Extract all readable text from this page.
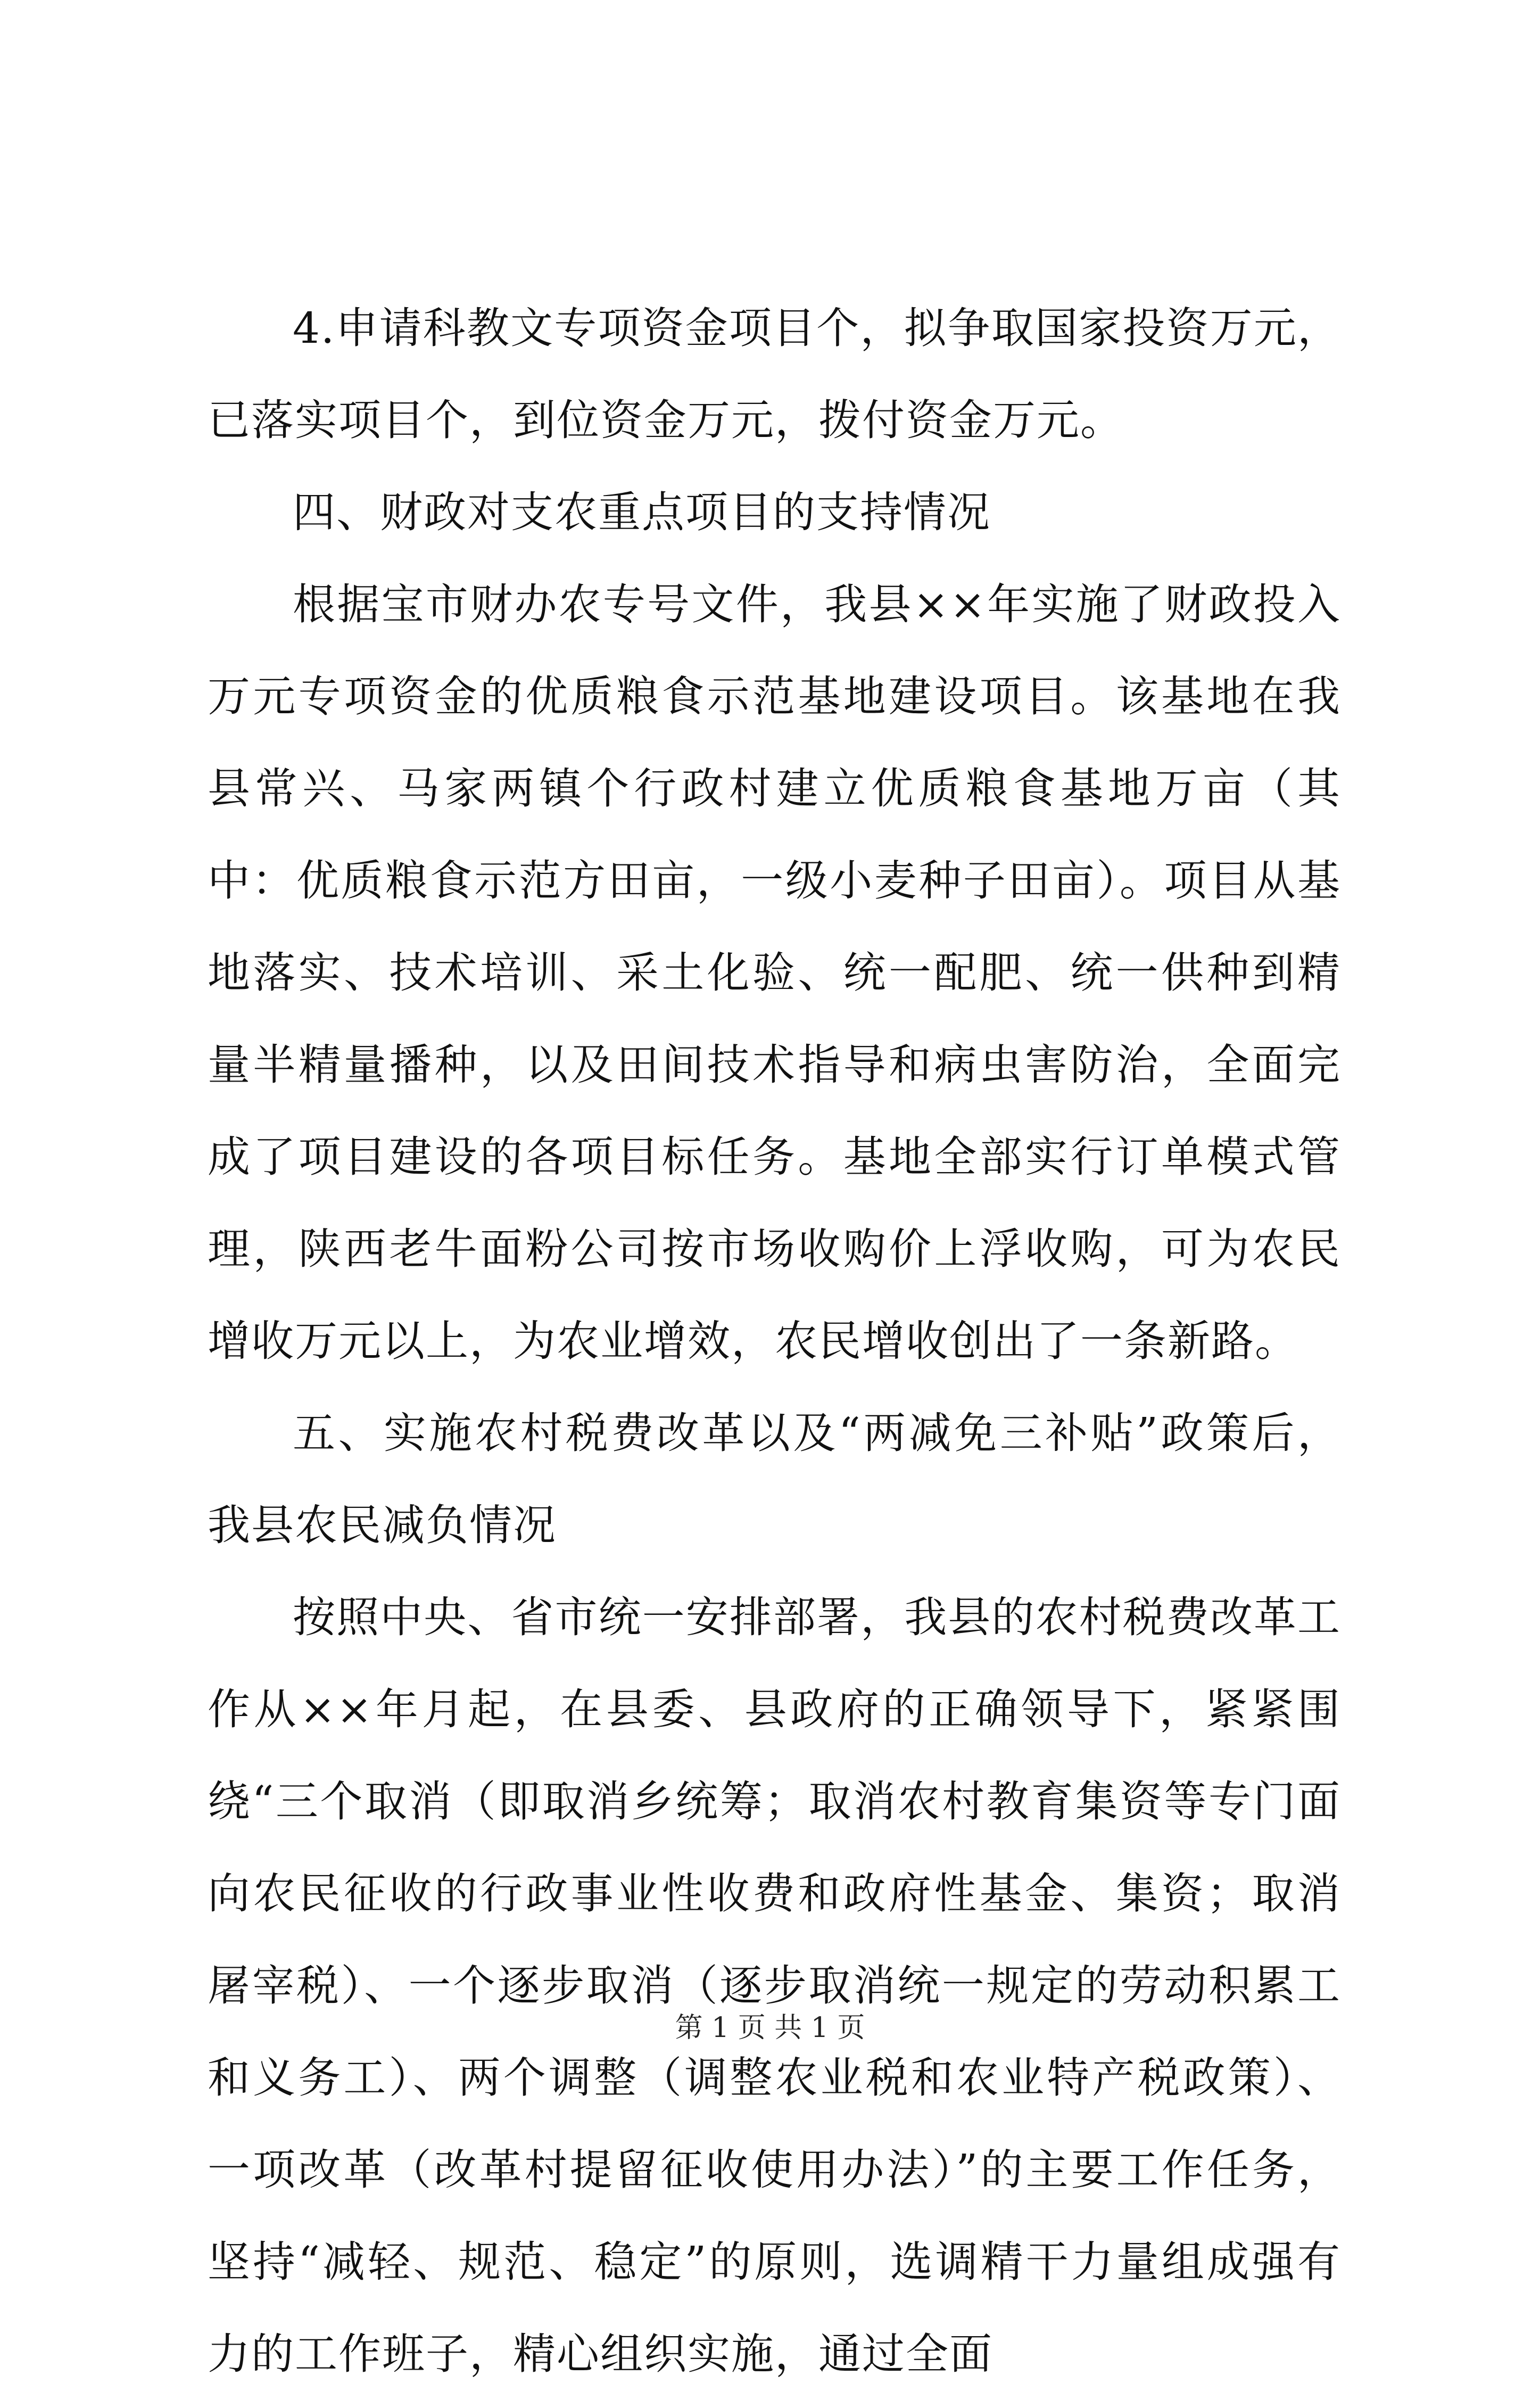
4.申请科教文专项资金项目个，拟争取国家投资万元，已落实项目个，到位资金万元，拨付资金万元。

四、财政对支农重点项目的支持情况

根据宝市财办农专号文件，我县××年实施了财政投入万元专项资金的优质粮食示范基地建设项目。该基地在我县常兴、马家两镇个行政村建立优质粮食基地万亩（其中：优质粮食示范方田亩，一级小麦种子田亩）。项目从基地落实、技术培训、采土化验、统一配肥、统一供种到精量半精量播种，以及田间技术指导和病虫害防治，全面完成了项目建设的各项目标任务。基地全部实行订单模式管理，陕西老牛面粉公司按市场收购价上浮收购，可为农民增收万元以上，为农业增效，农民增收创出了一条新路。

五、实施农村税费改革以及“两减免三补贴”政策后，我县农民减负情况

按照中央、省市统一安排部署，我县的农村税费改革工作从××年月起，在县委、县政府的正确领导下，紧紧围绕“三个取消（即取消乡统筹；取消农村教育集资等专门面向农民征收的行政事业性收费和政府性基金、集资；取消屠宰税）、一个逐步取消（逐步取消统一规定的劳动积累工和义务工）、两个调整（调整农业税和农业特产税政策）、一项改革（改革村提留征收使用办法）”的主要工作任务，坚持“减轻、规范、稳定”的原则，选调精干力量组成强有力的工作班子，精心组织实施，通过全面

第 1 页 共 1 页
